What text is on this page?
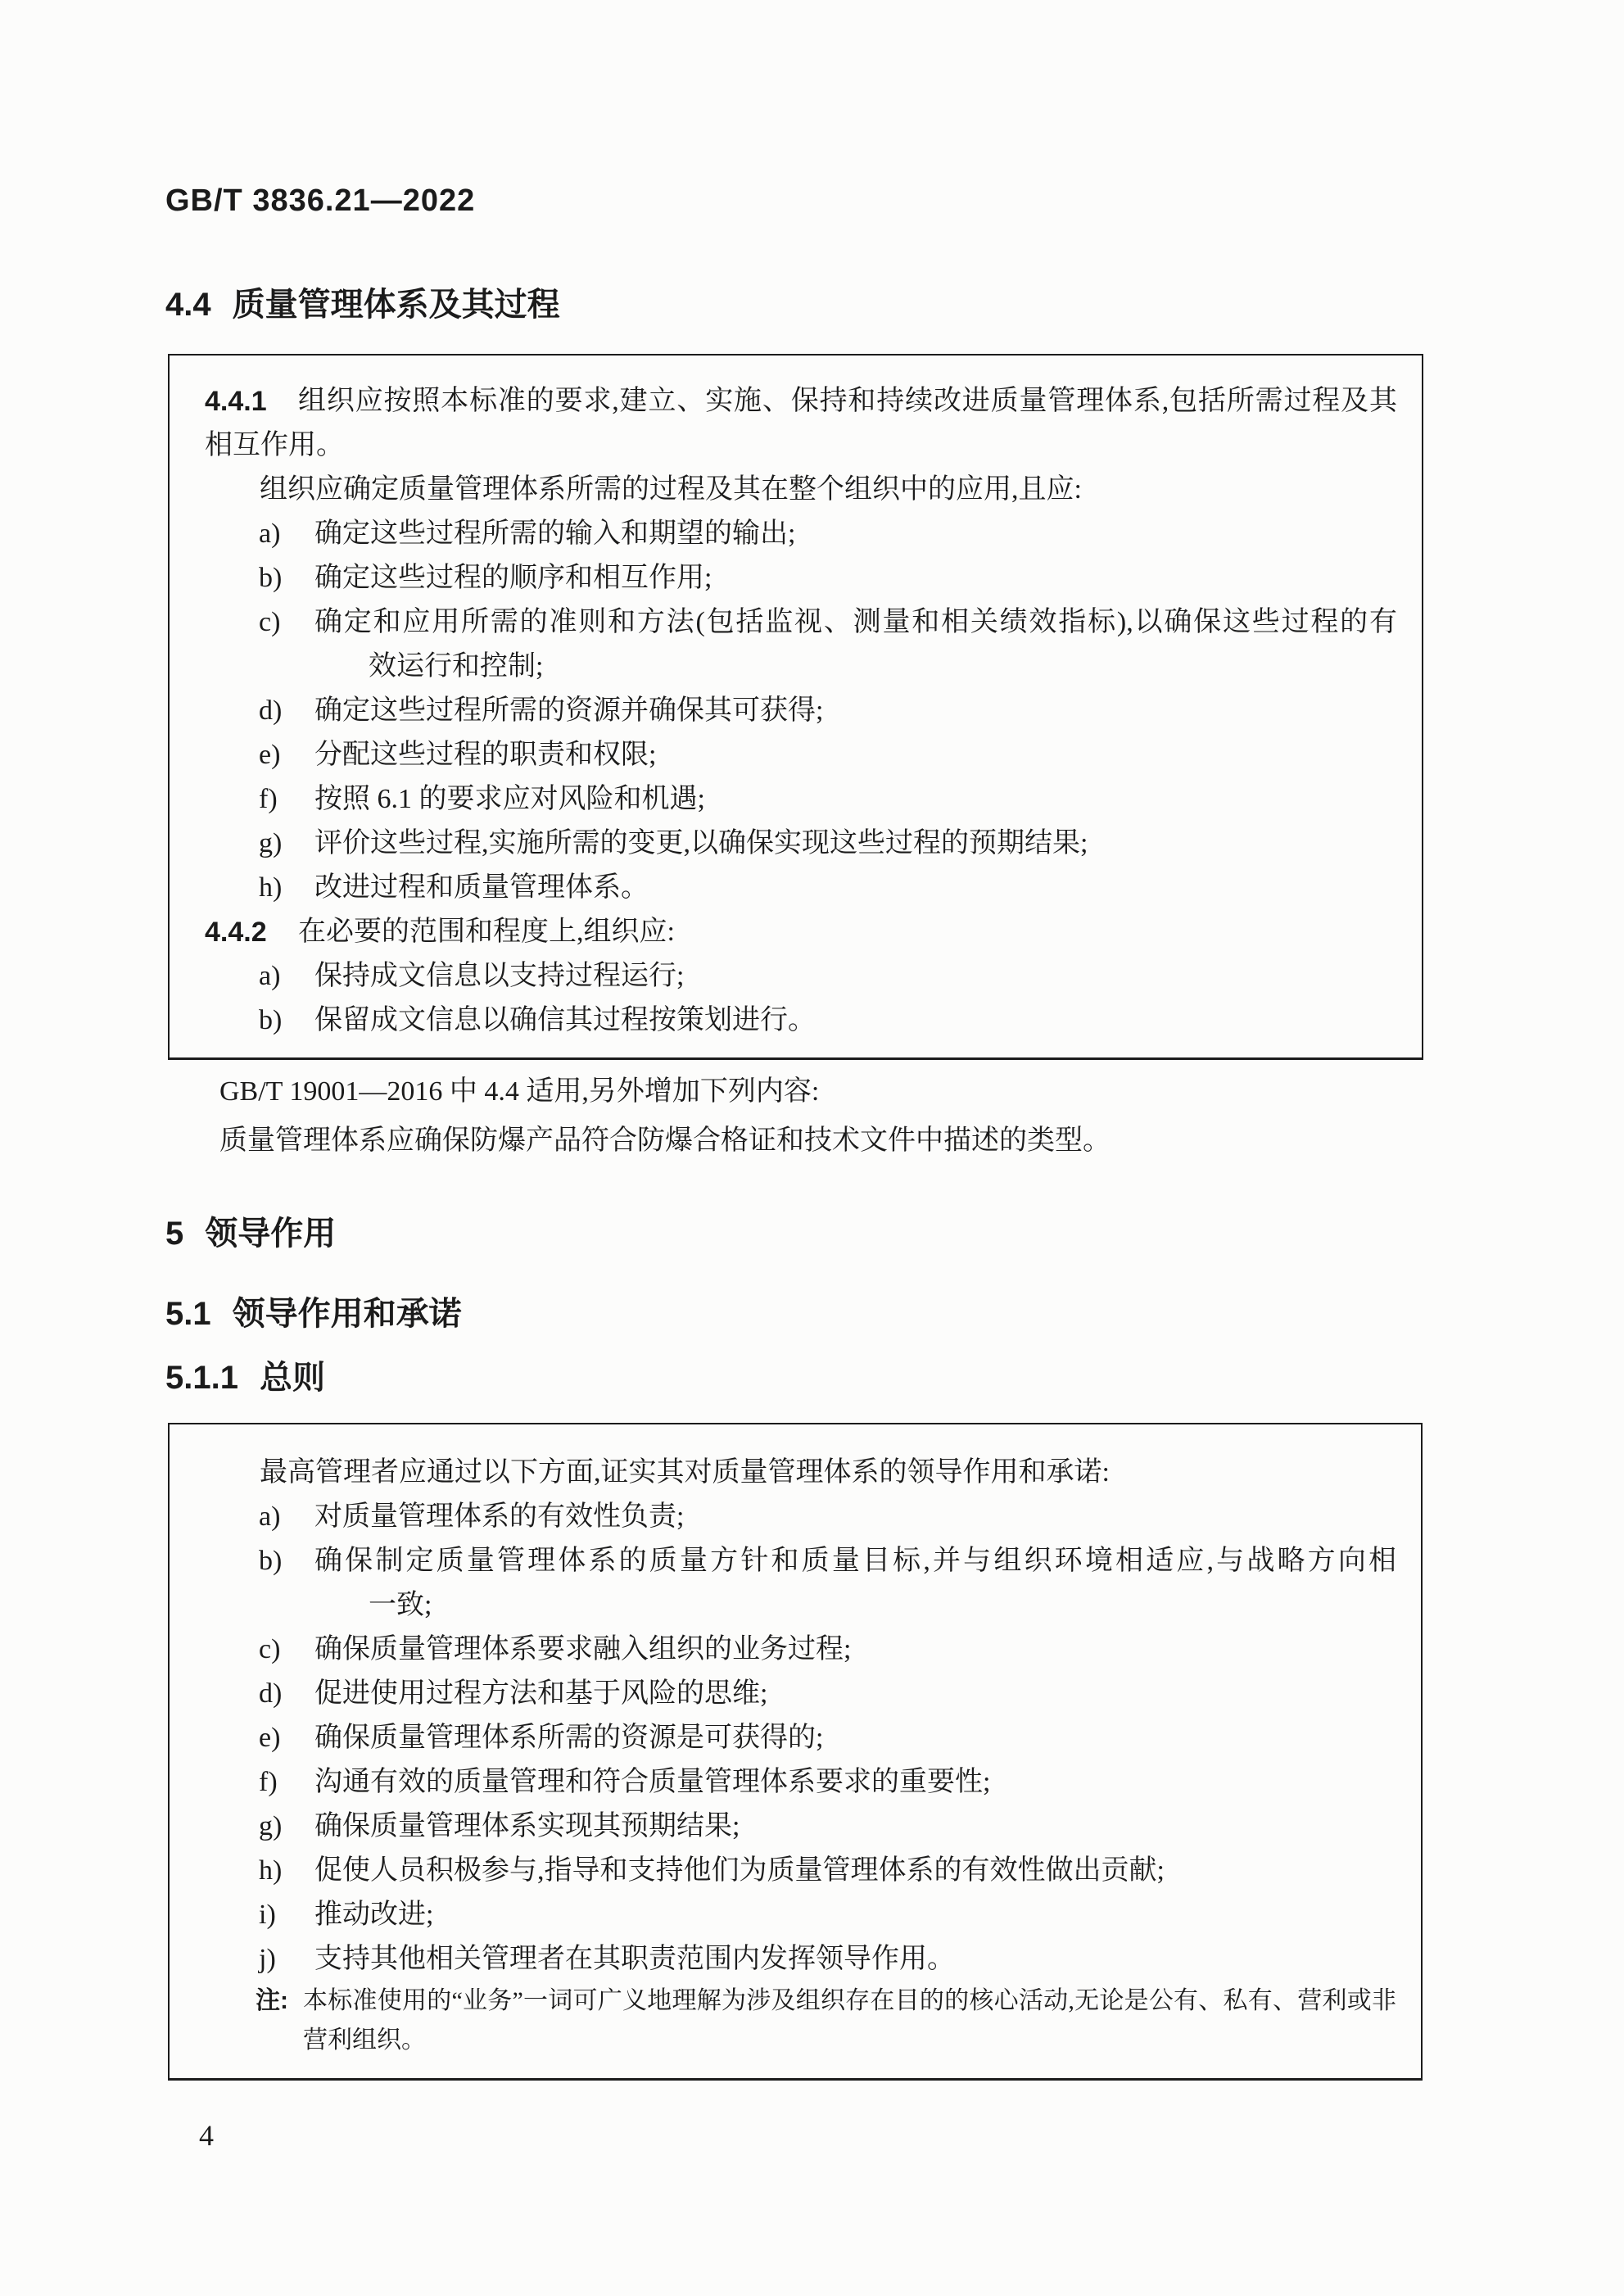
GB/T 3836.21—2022
4.4 质量管理体系及其过程
4.4.1	组织应按照本标准的要求,建立、实施、保持和持续改进质量管理体系,包括所需过程及其
相互作用。
组织应确定质量管理体系所需的过程及其在整个组织中的应用,且应:
a)	确定这些过程所需的输入和期望的输出;
b)	确定这些过程的顺序和相互作用;
c)	确定和应用所需的准则和方法(包括监视、测量和相关绩效指标),以确保这些过程的有
效运行和控制;
d)	确定这些过程所需的资源并确保其可获得;
e)	分配这些过程的职责和权限;
f)	按照 6.1 的要求应对风险和机遇;
g)	评价这些过程,实施所需的变更,以确保实现这些过程的预期结果;
h)	改进过程和质量管理体系。
4.4.2	在必要的范围和程度上,组织应:
a)	保持成文信息以支持过程运行;
b)	保留成文信息以确信其过程按策划进行。
GB/T 19001—2016 中 4.4 适用,另外增加下列内容:
质量管理体系应确保防爆产品符合防爆合格证和技术文件中描述的类型。
5 领导作用
5.1 领导作用和承诺
5.1.1 总则
最高管理者应通过以下方面,证实其对质量管理体系的领导作用和承诺:
a)	对质量管理体系的有效性负责;
b)	确保制定质量管理体系的质量方针和质量目标,并与组织环境相适应,与战略方向相
一致;
c)	确保质量管理体系要求融入组织的业务过程;
d)	促进使用过程方法和基于风险的思维;
e)	确保质量管理体系所需的资源是可获得的;
f)	沟通有效的质量管理和符合质量管理体系要求的重要性;
g)	确保质量管理体系实现其预期结果;
h)	促使人员积极参与,指导和支持他们为质量管理体系的有效性做出贡献;
i)	推动改进;
j)	支持其他相关管理者在其职责范围内发挥领导作用。
注: 本标准使用的“业务”一词可广义地理解为涉及组织存在目的的核心活动,无论是公有、私有、营利或非
营利组织。
4
